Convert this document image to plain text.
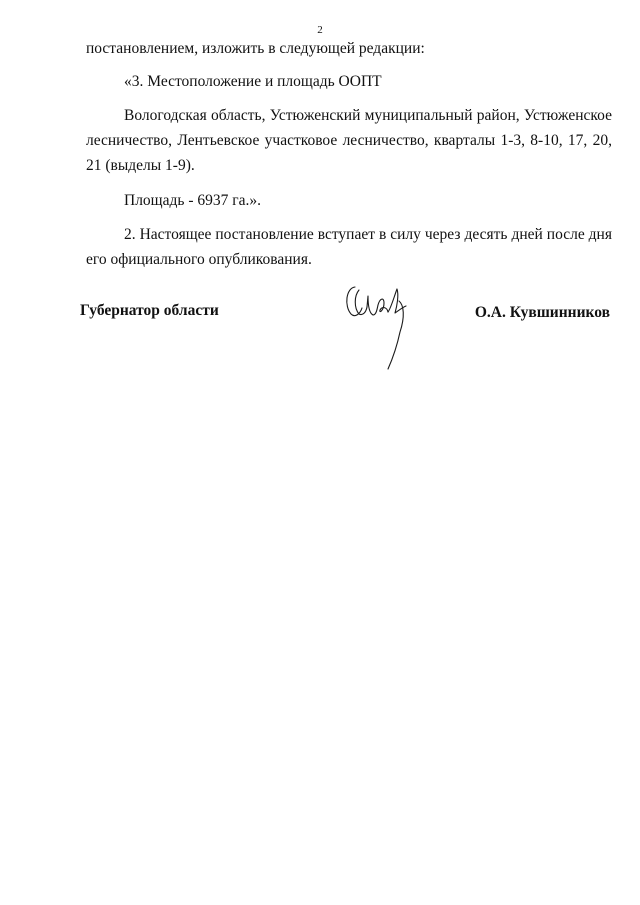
2

постановлением, изложить в следующей редакции:

«3. Местоположение и площадь ООПТ

Вологодская область, Устюженский муниципальный район, Устюженское лесничество, Лентьевское участковое лесничество, кварталы 1-3, 8-10, 17, 20, 21 (выделы 1-9).

Площадь - 6937 га.».

2. Настоящее постановление вступает в силу через десять дней после дня его официального опубликования.

Губернатор области	О.А. Кувшинников
